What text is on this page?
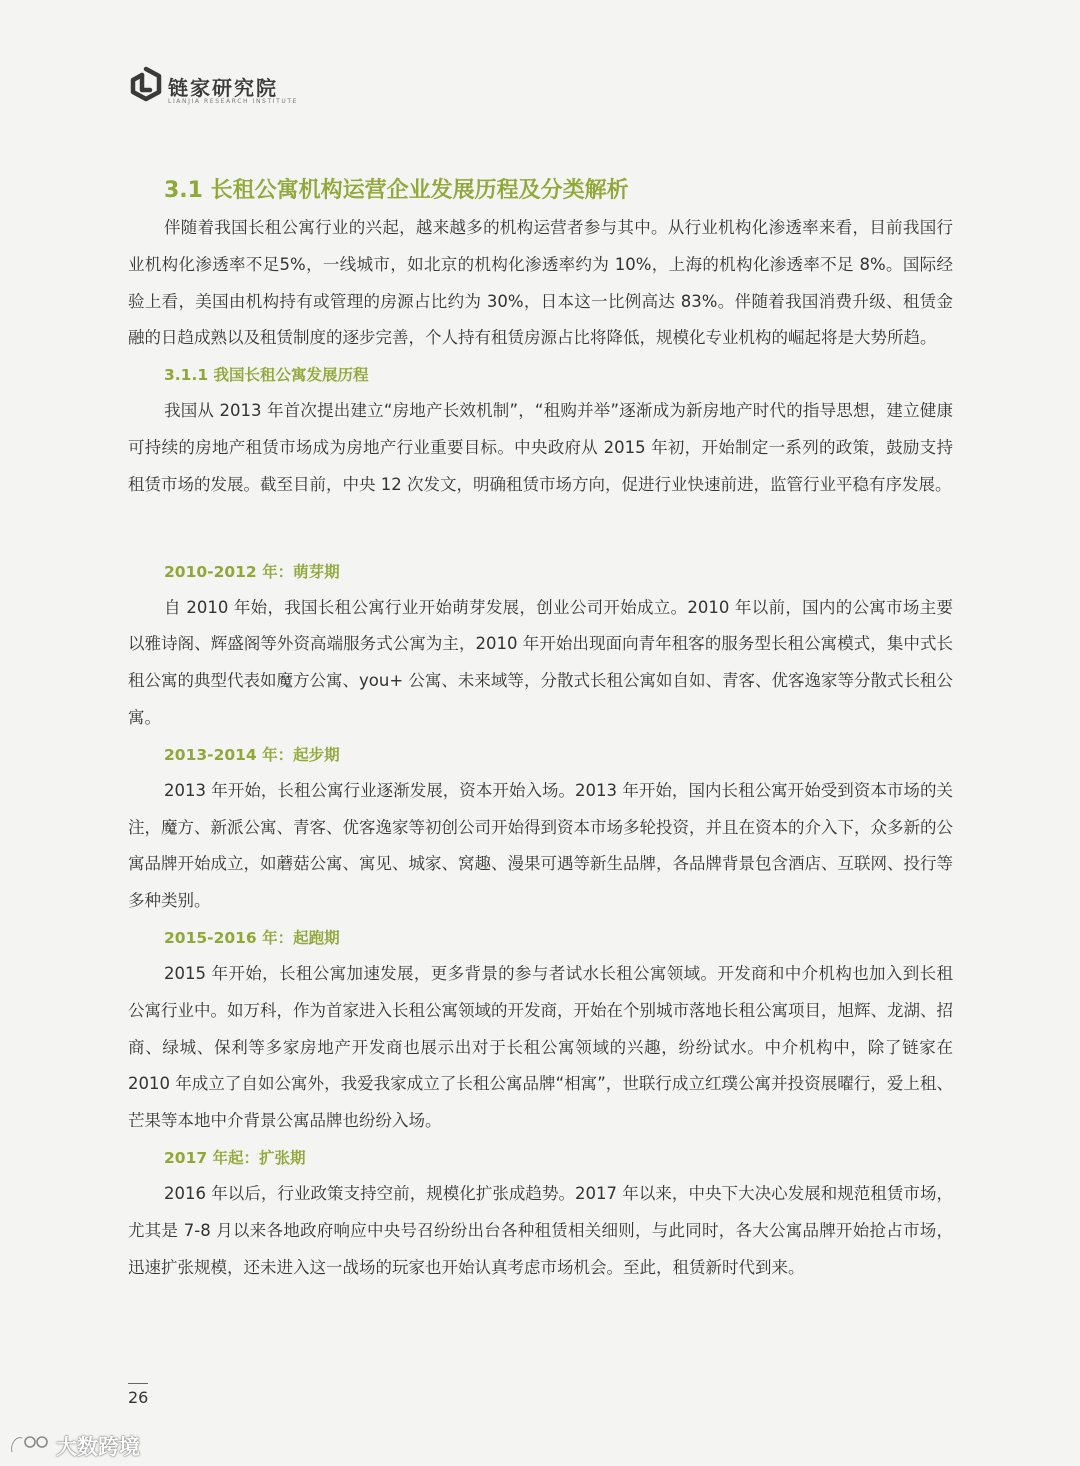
链家研究院
LIANJIA RESEARCH INSTITUTE
3.1 长租公寓机构运营企业发展历程及分类解析

伴随着我国长租公寓行业的兴起，越来越多的机构运营者参与其中。从行业机构化渗透率来看，目前我国行业机构化渗透率不足5%，一线城市，如北京的机构化渗透率约为 10%，上海的机构化渗透率不足 8%。国际经验上看，美国由机构持有或管理的房源占比约为 30%，日本这一比例高达 83%。伴随着我国消费升级、租赁金融的日趋成熟以及租赁制度的逐步完善，个人持有租赁房源占比将降低，规模化专业机构的崛起将是大势所趋。

3.1.1 我国长租公寓发展历程

我国从 2013 年首次提出建立“房地产长效机制”，“租购并举”逐渐成为新房地产时代的指导思想，建立健康可持续的房地产租赁市场成为房地产行业重要目标。中央政府从 2015 年初，开始制定一系列的政策，鼓励支持租赁市场的发展。截至目前，中央 12 次发文，明确租赁市场方向，促进行业快速前进，监管行业平稳有序发展。

2010-2012 年：萌芽期

自 2010 年始，我国长租公寓行业开始萌芽发展，创业公司开始成立。2010 年以前，国内的公寓市场主要以雅诗阁、辉盛阁等外资高端服务式公寓为主，2010 年开始出现面向青年租客的服务型长租公寓模式，集中式长租公寓的典型代表如魔方公寓、you+ 公寓、未来域等，分散式长租公寓如自如、青客、优客逸家等分散式长租公寓。

2013-2014 年：起步期

2013 年开始，长租公寓行业逐渐发展，资本开始入场。2013 年开始，国内长租公寓开始受到资本市场的关注，魔方、新派公寓、青客、优客逸家等初创公司开始得到资本市场多轮投资，并且在资本的介入下，众多新的公寓品牌开始成立，如蘑菇公寓、寓见、城家、窝趣、漫果可遇等新生品牌，各品牌背景包含酒店、互联网、投行等多种类别。

2015-2016 年：起跑期

2015 年开始，长租公寓加速发展，更多背景的参与者试水长租公寓领域。开发商和中介机构也加入到长租公寓行业中。如万科，作为首家进入长租公寓领域的开发商，开始在个别城市落地长租公寓项目，旭辉、龙湖、招商、绿城、保利等多家房地产开发商也展示出对于长租公寓领域的兴趣，纷纷试水。中介机构中，除了链家在 2010 年成立了自如公寓外，我爱我家成立了长租公寓品牌“相寓”，世联行成立红璞公寓并投资展曜行，爱上租、芒果等本地中介背景公寓品牌也纷纷入场。

2017 年起：扩张期

2016 年以后，行业政策支持空前，规模化扩张成趋势。2017 年以来，中央下大决心发展和规范租赁市场，尤其是 7-8 月以来各地政府响应中央号召纷纷出台各种租赁相关细则，与此同时，各大公寓品牌开始抢占市场，迅速扩张规模，还未进入这一战场的玩家也开始认真考虑市场机会。至此，租赁新时代到来。

26
大数跨境
